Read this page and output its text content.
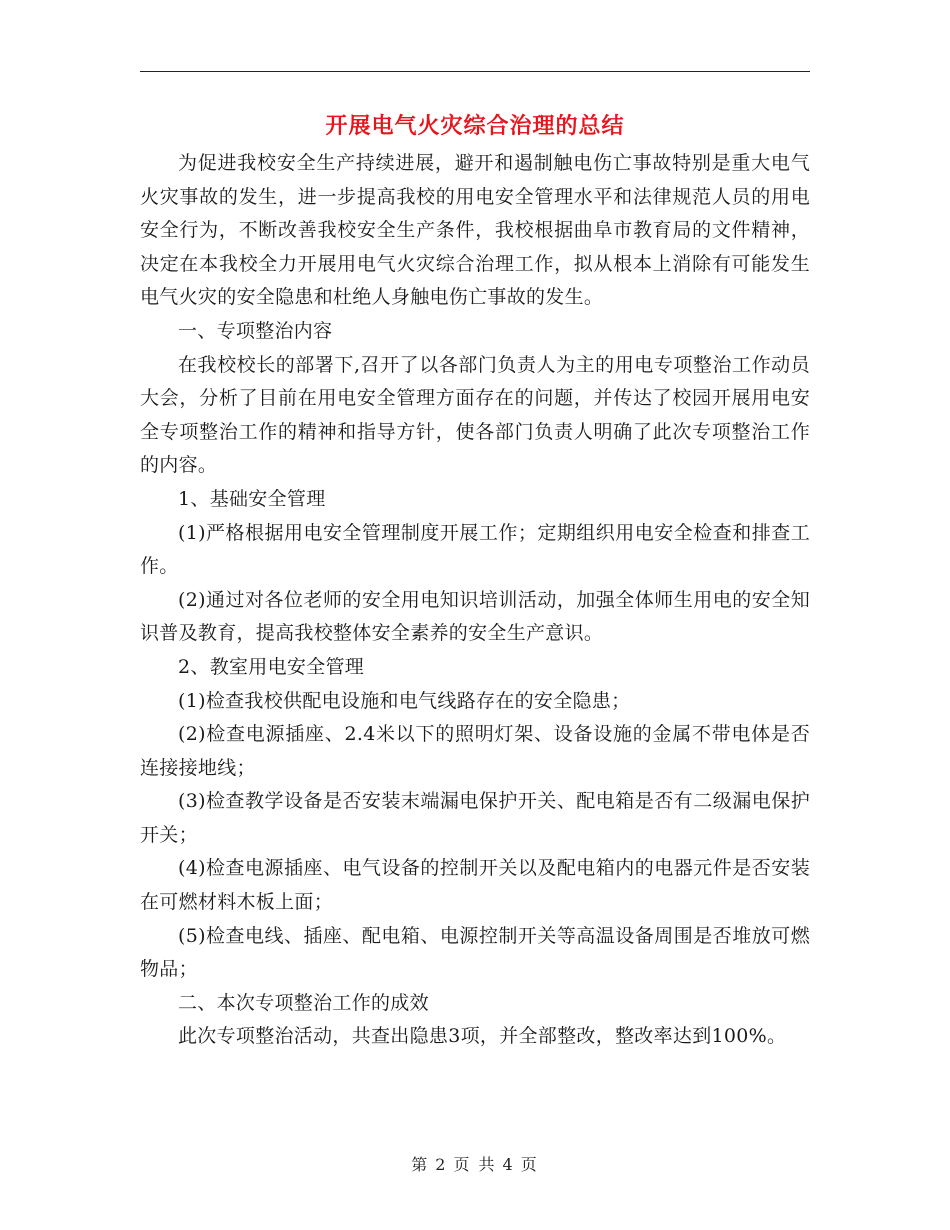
开展电气火灾综合治理的总结

为促进我校安全生产持续进展，避开和遏制触电伤亡事故特别是重大电气火灾事故的发生，进一步提高我校的用电安全管理水平和法律规范人员的用电安全行为，不断改善我校安全生产条件，我校根据曲阜市教育局的文件精神，决定在本我校全力开展用电气火灾综合治理工作，拟从根本上消除有可能发生电气火灾的安全隐患和杜绝人身触电伤亡事故的发生。

一、专项整治内容

在我校校长的部署下,召开了以各部门负责人为主的用电专项整治工作动员大会，分析了目前在用电安全管理方面存在的问题，并传达了校园开展用电安全专项整治工作的精神和指导方针，使各部门负责人明确了此次专项整治工作的内容。

1、基础安全管理

(1)严格根据用电安全管理制度开展工作；定期组织用电安全检查和排查工作。

(2)通过对各位老师的安全用电知识培训活动，加强全体师生用电的安全知识普及教育，提高我校整体安全素养的安全生产意识。

2、教室用电安全管理

(1)检查我校供配电设施和电气线路存在的安全隐患；

(2)检查电源插座、2.4米以下的照明灯架、设备设施的金属不带电体是否连接接地线；

(3)检查教学设备是否安装末端漏电保护开关、配电箱是否有二级漏电保护开关；

(4)检查电源插座、电气设备的控制开关以及配电箱内的电器元件是否安装在可燃材料木板上面；

(5)检查电线、插座、配电箱、电源控制开关等高温设备周围是否堆放可燃物品；

二、本次专项整治工作的成效

此次专项整治活动，共查出隐患3项，并全部整改，整改率达到100%。

第 2 页 共 4 页
